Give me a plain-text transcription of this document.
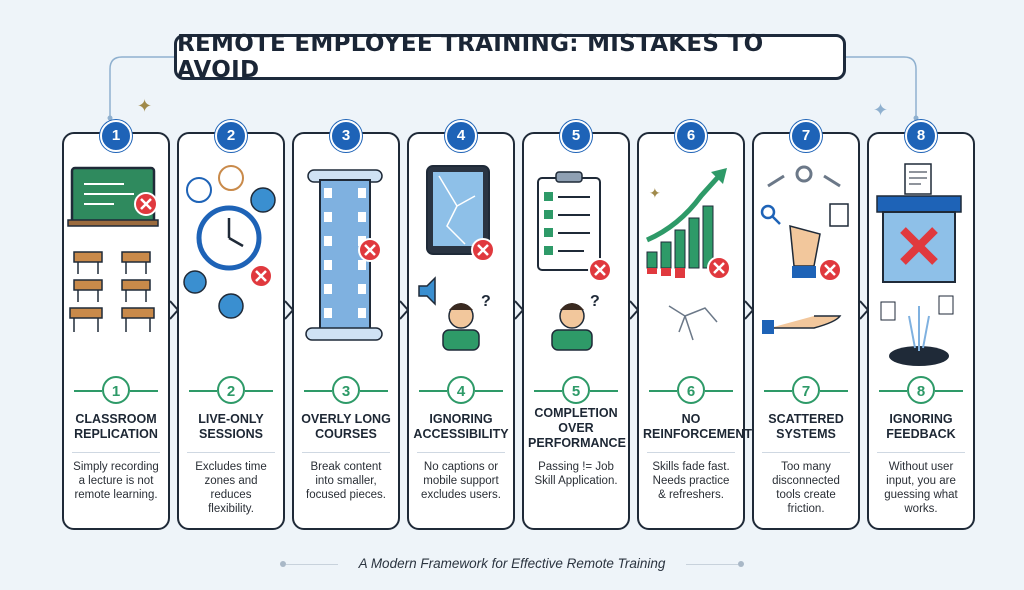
✦	✦
REMOTE EMPLOYEE TRAINING: MISTAKES TO AVOID
1
1
CLASSROOM
REPLICATION
Simply recording
a lecture is not
remote learning.
2
2
LIVE-ONLY
SESSIONS
Excludes time
zones and
reduces
flexibility.
3
3
OVERLY LONG
COURSES
Break content
into smaller,
focused pieces.
4
?
4
IGNORING
ACCESSIBILITY
No captions or
mobile support
excludes users.
5
?
5
COMPLETION
OVER
PERFORMANCE
Passing != Job
Skill Application.
6
✦
6
NO
REINFORCEMENT
Skills fade fast.
Needs practice
& refreshers.
7
7
SCATTERED
SYSTEMS
Too many
disconnected
tools create
friction.
8
8
IGNORING
FEEDBACK
Without user
input, you are
guessing what
works.
A Modern Framework for Effective Remote Training
